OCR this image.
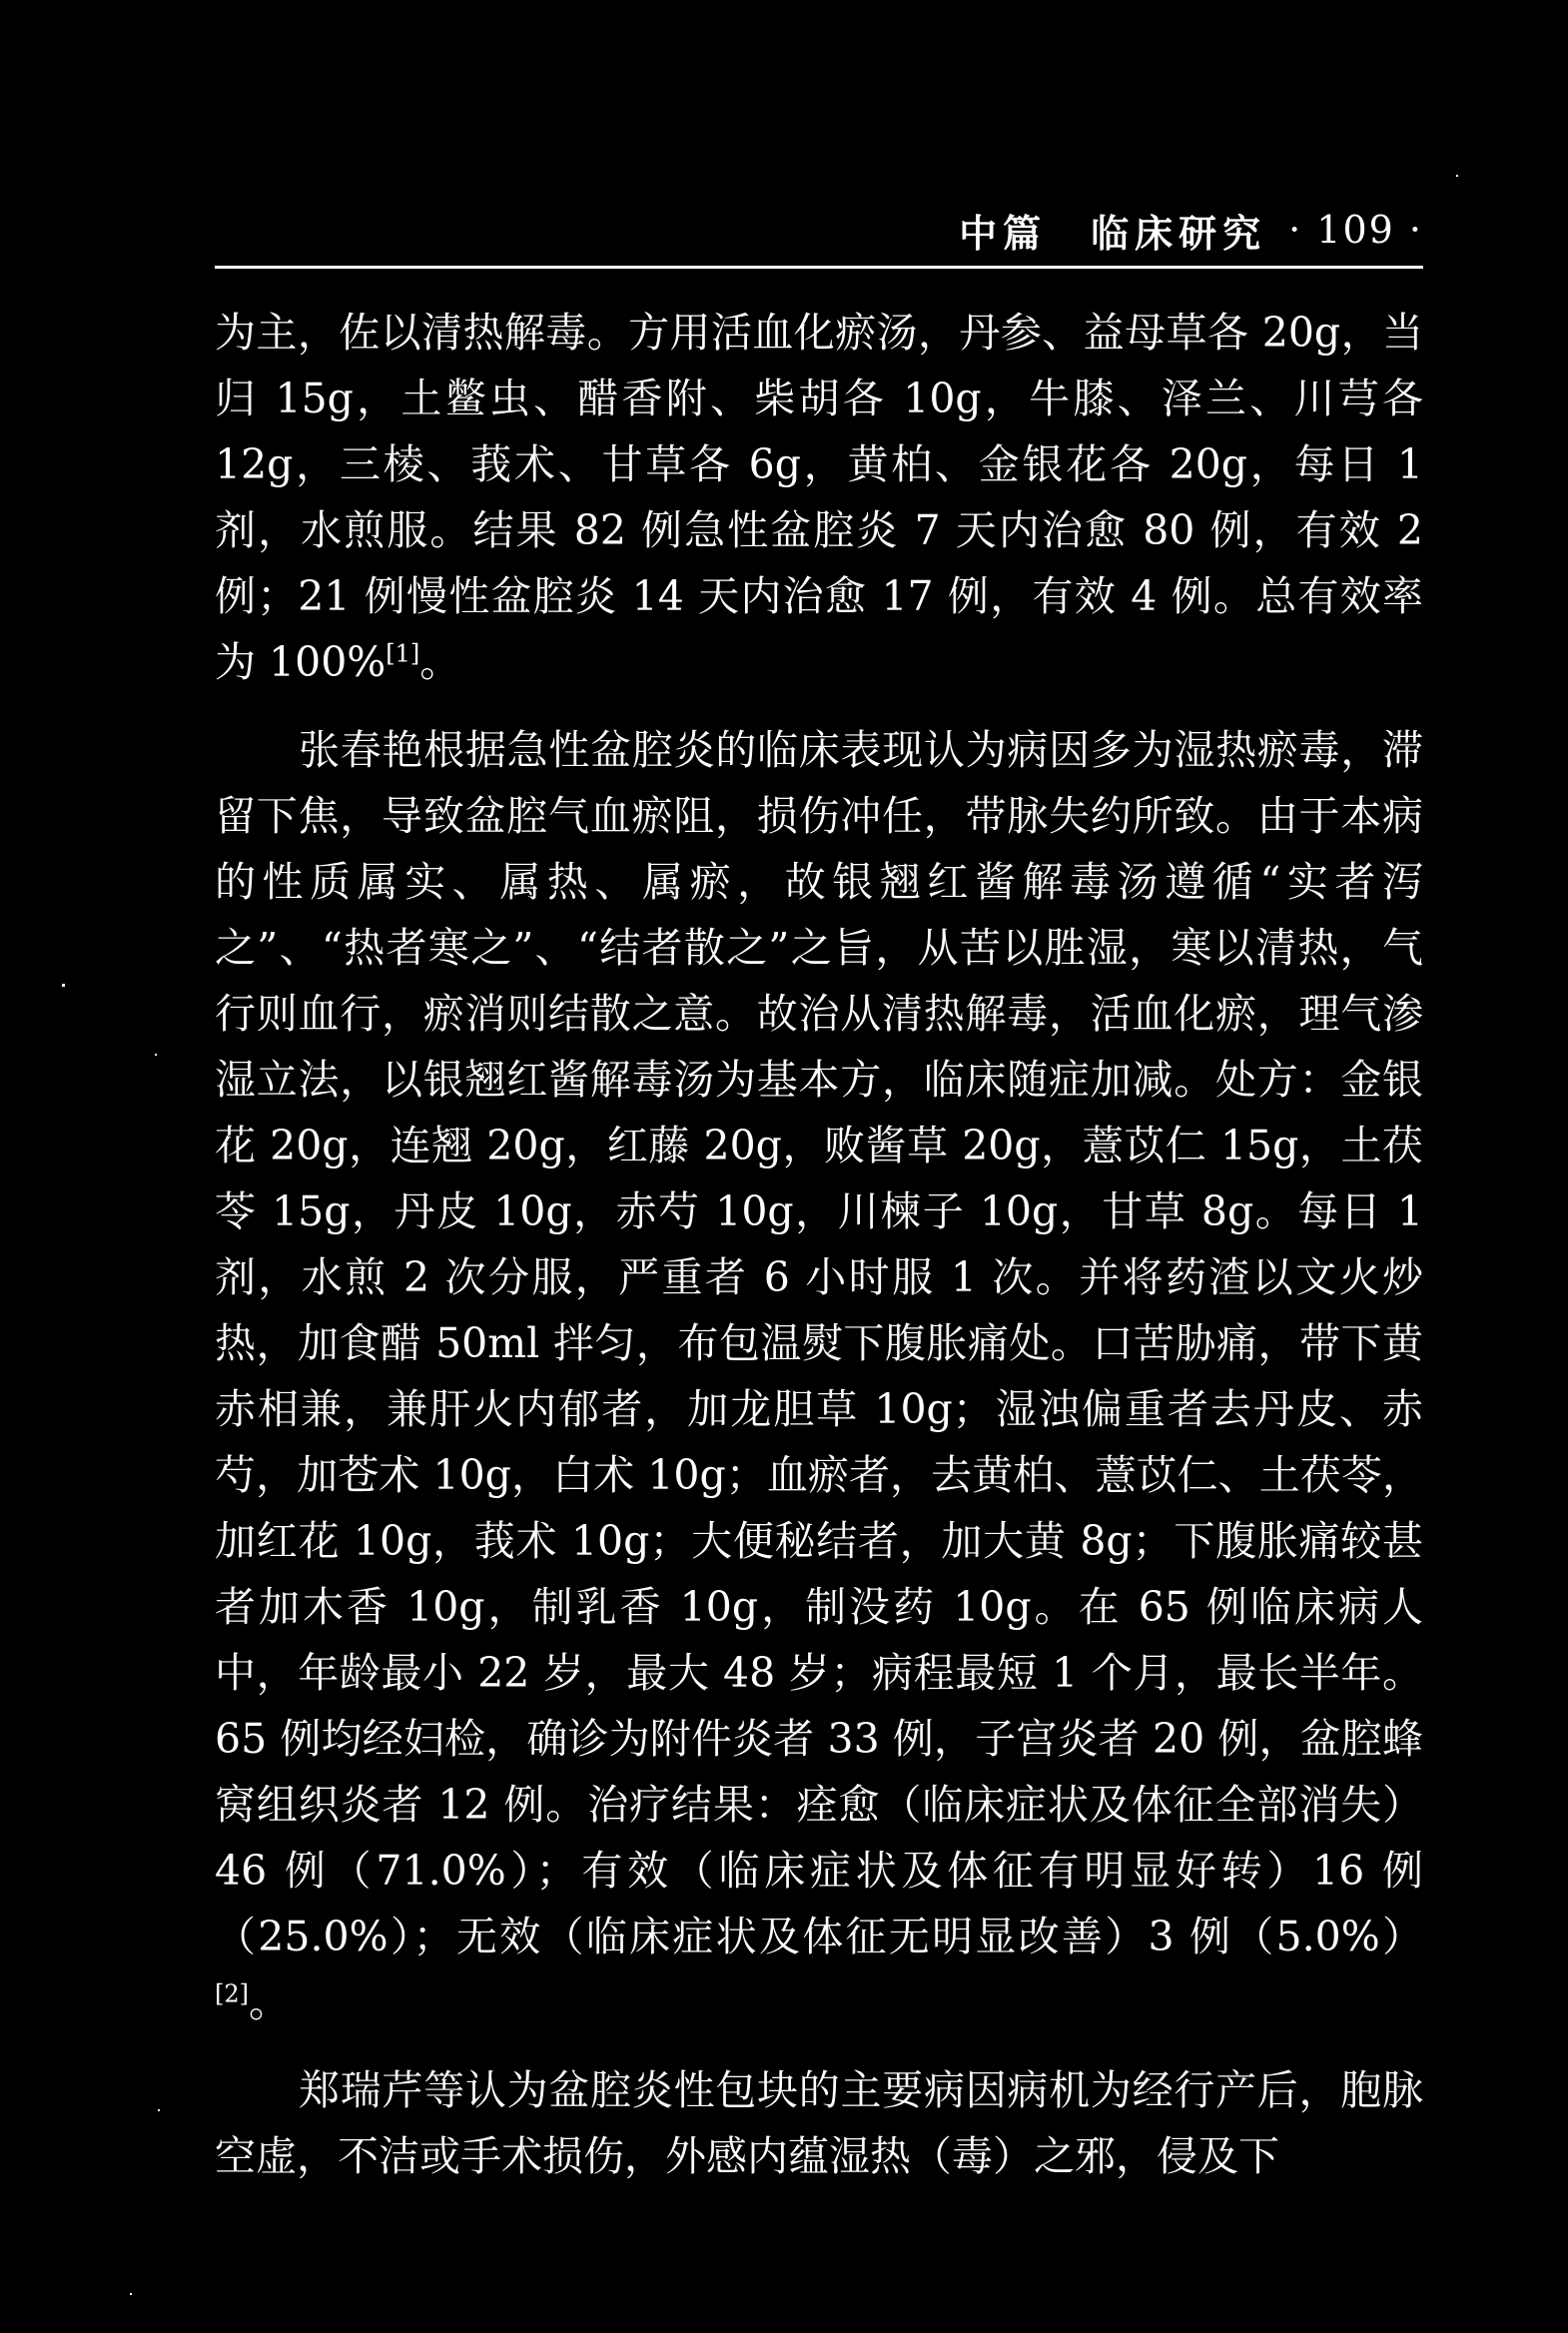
中篇　临床研究 · 109 ·

为主，佐以清热解毒。方用活血化瘀汤，丹参、益母草各 20g，当归 15g，土鳖虫、醋香附、柴胡各 10g，牛膝、泽兰、川芎各 12g，三棱、莪术、甘草各 6g，黄柏、金银花各 20g，每日 1 剂，水煎服。结果 82 例急性盆腔炎 7 天内治愈 80 例，有效 2 例；21 例慢性盆腔炎 14 天内治愈 17 例，有效 4 例。总有效率为 100%[1]。

张春艳根据急性盆腔炎的临床表现认为病因多为湿热瘀毒，滞留下焦，导致盆腔气血瘀阻，损伤冲任，带脉失约所致。由于本病的性质属实、属热、属瘀，故银翘红酱解毒汤遵循“实者泻之”、“热者寒之”、“结者散之”之旨，从苦以胜湿，寒以清热，气行则血行，瘀消则结散之意。故治从清热解毒，活血化瘀，理气渗湿立法，以银翘红酱解毒汤为基本方，临床随症加减。处方：金银花 20g，连翘 20g，红藤 20g，败酱草 20g，薏苡仁 15g，土茯苓 15g，丹皮 10g，赤芍 10g，川楝子 10g，甘草 8g。每日 1 剂，水煎 2 次分服，严重者 6 小时服 1 次。并将药渣以文火炒热，加食醋 50ml 拌匀，布包温熨下腹胀痛处。口苦胁痛，带下黄赤相兼，兼肝火内郁者，加龙胆草 10g；湿浊偏重者去丹皮、赤芍，加苍术 10g，白术 10g；血瘀者，去黄柏、薏苡仁、土茯苓，加红花 10g，莪术 10g；大便秘结者，加大黄 8g；下腹胀痛较甚者加木香 10g，制乳香 10g，制没药 10g。在 65 例临床病人中，年龄最小 22 岁，最大 48 岁；病程最短 1 个月，最长半年。65 例均经妇检，确诊为附件炎者 33 例，子宫炎者 20 例，盆腔蜂窝组织炎者 12 例。治疗结果：痊愈（临床症状及体征全部消失）46 例（71.0%）；有效（临床症状及体征有明显好转）16 例（25.0%）；无效（临床症状及体征无明显改善）3 例（5.0%）[2]。

郑瑞芹等认为盆腔炎性包块的主要病因病机为经行产后，胞脉空虚，不洁或手术损伤，外感内蕴湿热（毒）之邪，侵及下
